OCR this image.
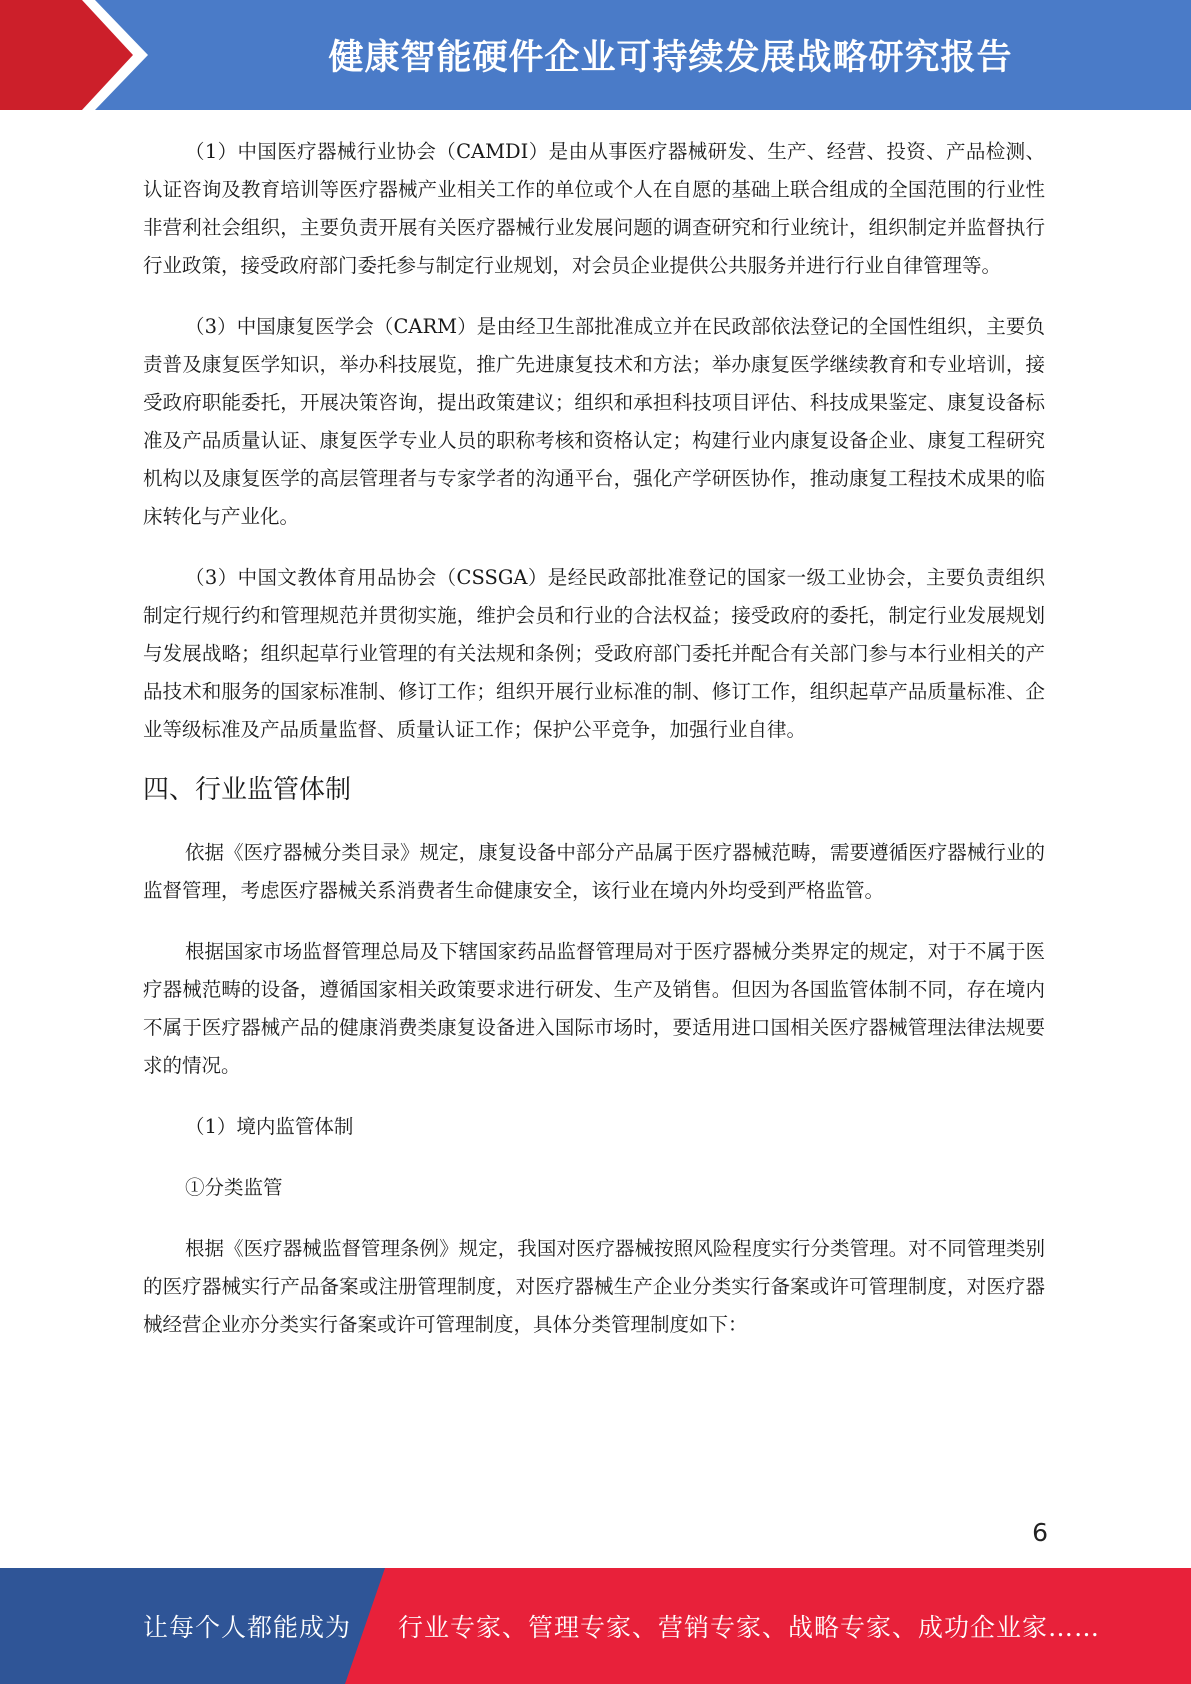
健康智能硬件企业可持续发展战略研究报告

（1）中国医疗器械行业协会（CAMDI）是由从事医疗器械研发、生产、经营、投资、产品检测、认证咨询及教育培训等医疗器械产业相关工作的单位或个人在自愿的基础上联合组成的全国范围的行业性非营利社会组织，主要负责开展有关医疗器械行业发展问题的调查研究和行业统计，组织制定并监督执行行业政策，接受政府部门委托参与制定行业规划，对会员企业提供公共服务并进行行业自律管理等。

（3）中国康复医学会（CARM）是由经卫生部批准成立并在民政部依法登记的全国性组织，主要负责普及康复医学知识，举办科技展览，推广先进康复技术和方法；举办康复医学继续教育和专业培训，接受政府职能委托，开展决策咨询，提出政策建议；组织和承担科技项目评估、科技成果鉴定、康复设备标准及产品质量认证、康复医学专业人员的职称考核和资格认定；构建行业内康复设备企业、康复工程研究机构以及康复医学的高层管理者与专家学者的沟通平台，强化产学研医协作，推动康复工程技术成果的临床转化与产业化。

（3）中国文教体育用品协会（CSSGA）是经民政部批准登记的国家一级工业协会，主要负责组织制定行规行约和管理规范并贯彻实施，维护会员和行业的合法权益；接受政府的委托，制定行业发展规划与发展战略；组织起草行业管理的有关法规和条例；受政府部门委托并配合有关部门参与本行业相关的产品技术和服务的国家标准制、修订工作；组织开展行业标准的制、修订工作，组织起草产品质量标准、企业等级标准及产品质量监督、质量认证工作；保护公平竞争，加强行业自律。

四、行业监管体制

依据《医疗器械分类目录》规定，康复设备中部分产品属于医疗器械范畴，需要遵循医疗器械行业的监督管理，考虑医疗器械关系消费者生命健康安全，该行业在境内外均受到严格监管。

根据国家市场监督管理总局及下辖国家药品监督管理局对于医疗器械分类界定的规定，对于不属于医疗器械范畴的设备，遵循国家相关政策要求进行研发、生产及销售。但因为各国监管体制不同，存在境内不属于医疗器械产品的健康消费类康复设备进入国际市场时，要适用进口国相关医疗器械管理法律法规要求的情况。

（1）境内监管体制

①分类监管

根据《医疗器械监督管理条例》规定，我国对医疗器械按照风险程度实行分类管理。对不同管理类别的医疗器械实行产品备案或注册管理制度，对医疗器械生产企业分类实行备案或许可管理制度，对医疗器械经营企业亦分类实行备案或许可管理制度，具体分类管理制度如下：

6
让每个人都能成为 行业专家、管理专家、营销专家、战略专家、成功企业家……
